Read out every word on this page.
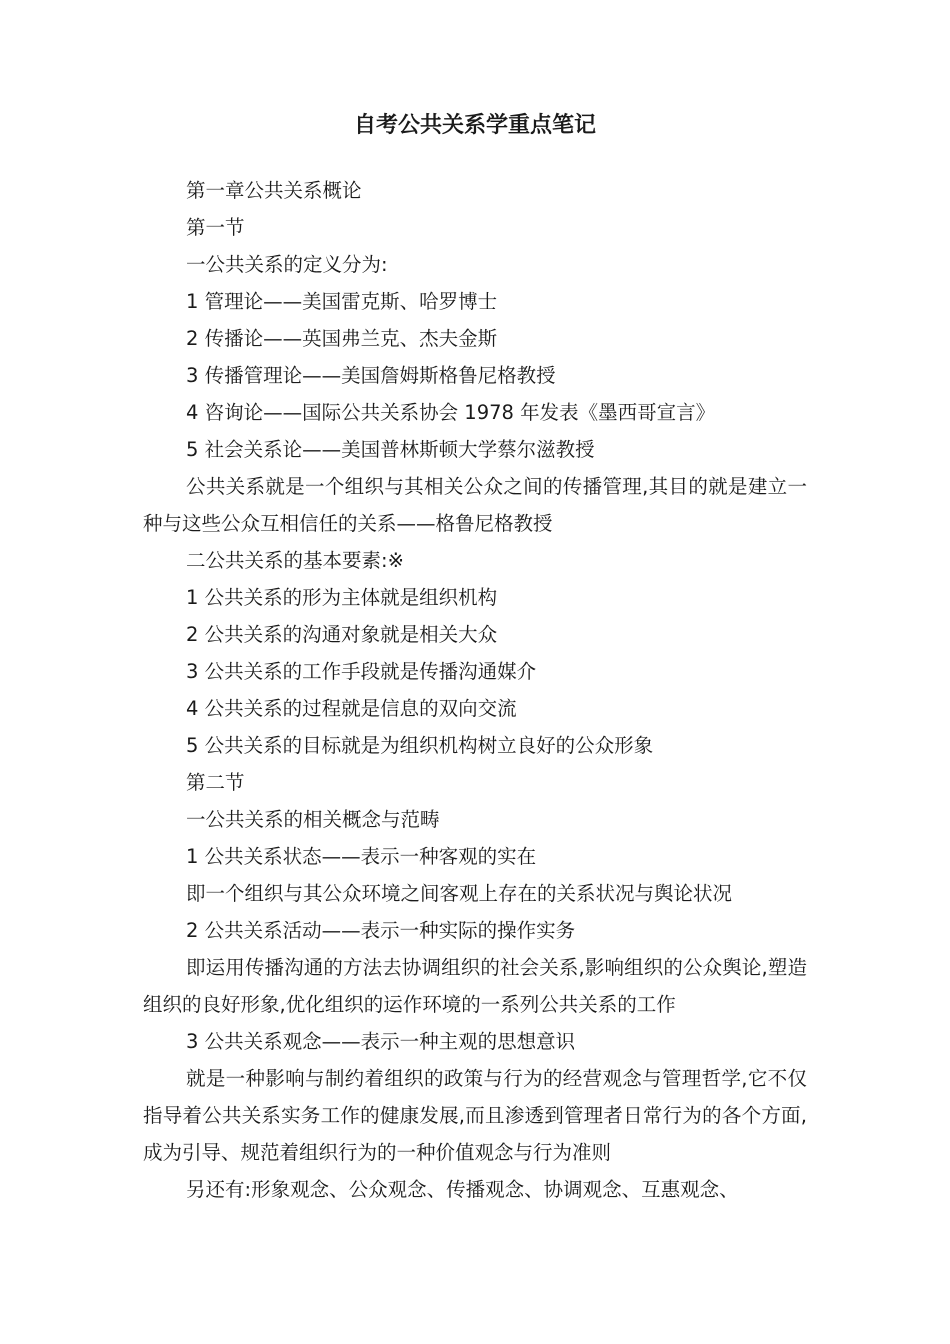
自考公共关系学重点笔记

第一章公共关系概论

第一节

一公共关系的定义分为:

1 管理论——美国雷克斯、哈罗博士

2 传播论——英国弗兰克、杰夫金斯

3 传播管理论——美国詹姆斯格鲁尼格教授

4 咨询论——国际公共关系协会 1978 年发表《墨西哥宣言》

5 社会关系论——美国普林斯顿大学蔡尔滋教授

公共关系就是一个组织与其相关公众之间的传播管理,其目的就是建立一种与这些公众互相信任的关系——格鲁尼格教授

二公共关系的基本要素:※

1 公共关系的形为主体就是组织机构

2 公共关系的沟通对象就是相关大众

3 公共关系的工作手段就是传播沟通媒介

4 公共关系的过程就是信息的双向交流

5 公共关系的目标就是为组织机构树立良好的公众形象

第二节

一公共关系的相关概念与范畴

1 公共关系状态——表示一种客观的实在

即一个组织与其公众环境之间客观上存在的关系状况与舆论状况

2 公共关系活动——表示一种实际的操作实务

即运用传播沟通的方法去协调组织的社会关系,影响组织的公众舆论,塑造组织的良好形象,优化组织的运作环境的一系列公共关系的工作

3 公共关系观念——表示一种主观的思想意识

就是一种影响与制约着组织的政策与行为的经营观念与管理哲学,它不仅指导着公共关系实务工作的健康发展,而且渗透到管理者日常行为的各个方面,成为引导、规范着组织行为的一种价值观念与行为准则

另还有:形象观念、公众观念、传播观念、协调观念、互惠观念、
